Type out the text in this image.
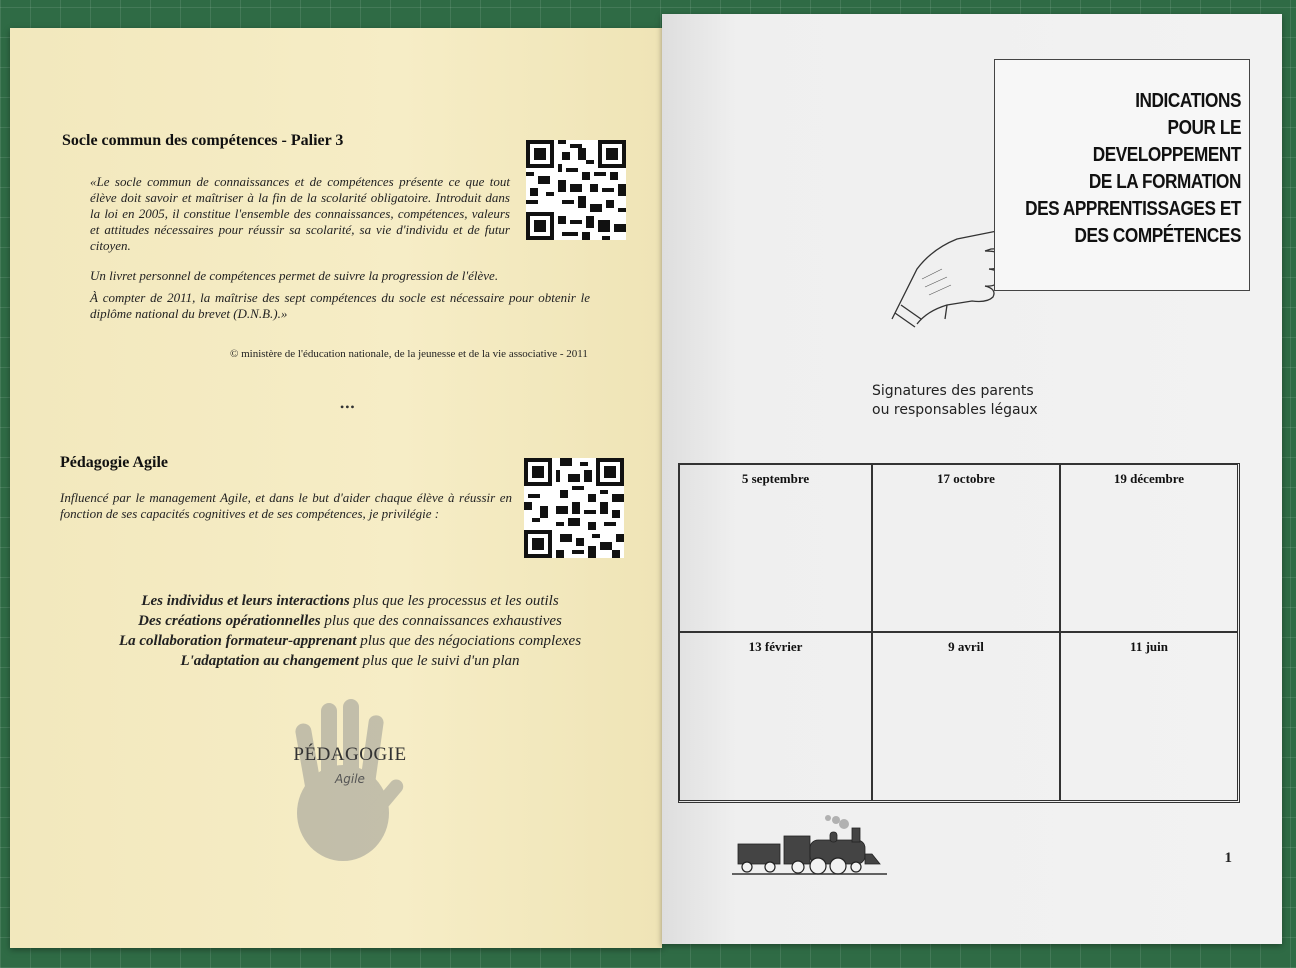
Socle commun des compétences - Palier 3
«Le socle commun de connaissances et de compétences présente ce que tout élève doit savoir et maîtriser à la fin de la scolarité obligatoire. Introduit dans la loi en 2005, il constitue l'ensemble des connaissances, compétences, valeurs et attitudes nécessaires pour réussir sa scolarité, sa vie d'individu et de futur citoyen.
Un livret personnel de compétences permet de suivre la progression de l'élève.
À compter de 2011, la maîtrise des sept compétences du socle est nécessaire pour obtenir le diplôme national du brevet (D.N.B.).»
© ministère de l'éducation nationale, de la jeunesse et de la vie associative - 2011
•••
Pédagogie Agile
Influencé par le management Agile, et dans le but d'aider chaque élève à réussir en fonction de ses capacités cognitives et de ses compétences, je privilégie :
Les individus et leurs interactions plus que les processus et les outils
Des créations opérationnelles plus que des connaissances exhaustives
La collaboration formateur-apprenant plus que des négociations complexes
L'adaptation au changement plus que le suivi d'un plan
PÉDAGOGIE
Agile
INDICATIONS
POUR LE
DEVELOPPEMENT
DE LA FORMATION
DES APPRENTISSAGES ET
DES COMPÉTENCES
Signatures des parents
ou responsables légaux
5 septembre	17 octobre	19 décembre
13 février	9 avril	11 juin
1
